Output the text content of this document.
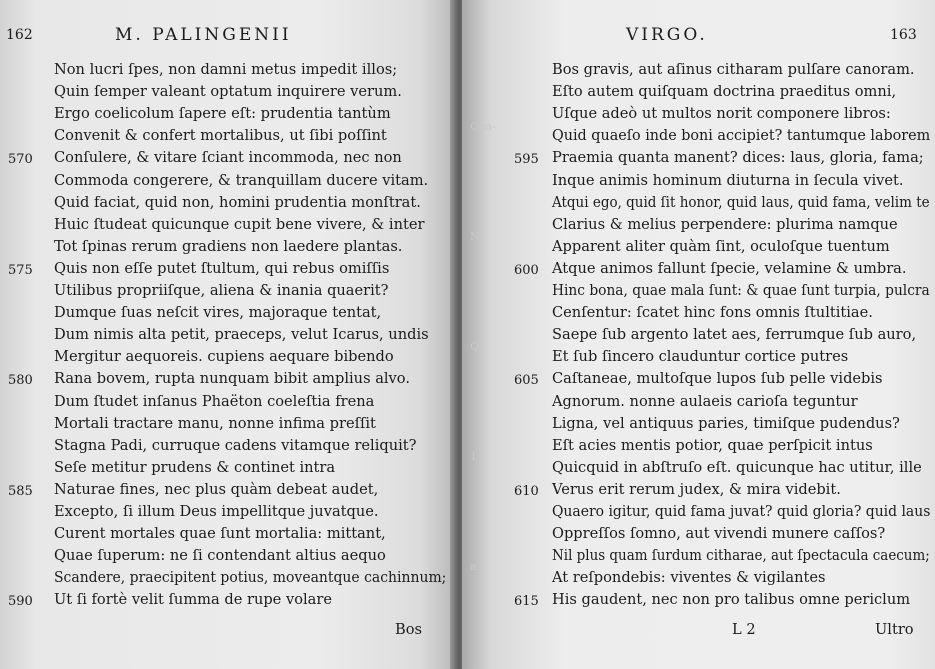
162	M. PALINGENII
Non lucri ſpes, non damni metus impedit illos;
Quin ſemper valeant optatum inquirere verum.
Ergo coelicolum ſapere eſt: prudentia tantùm
Convenit & confert mortalibus, ut ſibi poſſint
Conſulere, & vitare ſciant incommoda, nec non
Commoda congerere, & tranquillam ducere vitam.
Quid faciat, quid non, homini prudentia monſtrat.
Huic ſtudeat quicunque cupit bene vivere, & inter
Tot ſpinas rerum gradiens non laedere plantas.
Quis non eſſe putet ſtultum, qui rebus omiſſis
Utilibus propriiſque, aliena & inania quaerit?
Dumque ſuas neſcit vires, majoraque tentat,
Dum nimis alta petit, praeceps, velut Icarus, undis
Mergitur aequoreis. cupiens aequare bibendo
Rana bovem, rupta nunquam bibit amplius alvo.
Dum ſtudet inſanus Phaëton coeleſtia frena
Mortali tractare manu, nonne infima preſſit
Stagna Padi, curruque cadens vitamque reliquit?
Seſe metitur prudens & continet intra
Naturae fines, nec plus quàm debeat audet,
Excepto, ſi illum Deus impellitque juvatque.
Curent mortales quae ſunt mortalia: mittant,
Quae ſuperum: ne ſi contendant altius aequo
Scandere, praecipitent potius, moveantque cachinnum;
Ut ſi fortè velit ſumma de rupe volare
570
575
580
585
590
Bos
Con-
N
Q
1
a
VIRGO.	163
Bos gravis, aut aſinus citharam pulſare canoram.
Eſto autem quiſquam doctrina praeditus omni,
Uſque adeò ut multos norit componere libros:
Quid quaeſo inde boni accipiet? tantumque laborem
Praemia quanta manent? dices: laus, gloria, fama;
Inque animis hominum diuturna in ſecula vivet.
Atqui ego, quid ſit honor, quid laus, quid fama, velim te
Clarius & melius perpendere: plurima namque
Apparent aliter quàm ſint, oculoſque tuentum
Atque animos fallunt ſpecie, velamine & umbra.
Hinc bona, quae mala ſunt: & quae ſunt turpia, pulcra
Cenſentur: ſcatet hinc fons omnis ſtultitiae.
Saepe ſub argento latet aes, ferrumque ſub auro,
Et ſub ſincero clauduntur cortice putres
Caſtaneae, multoſque lupos ſub pelle videbis
Agnorum. nonne aulaeis carioſa teguntur
Ligna, vel antiquus paries, timiſque pudendus?
Eſt acies mentis potior, quae perſpicit intus
Quicquid in abſtruſo eſt. quicunque hac utitur, ille
Verus erit rerum judex, & mira videbit.
Quaero igitur, quid fama juvat? quid gloria? quid laus
Oppreſſos ſomno, aut vivendi munere caſſos?
Nil plus quam ſurdum citharae, aut ſpectacula caecum;
At reſpondebis: viventes & vigilantes
His gaudent, nec non pro talibus omne periclum
595
600
605
610
615
L 2	Ultro
